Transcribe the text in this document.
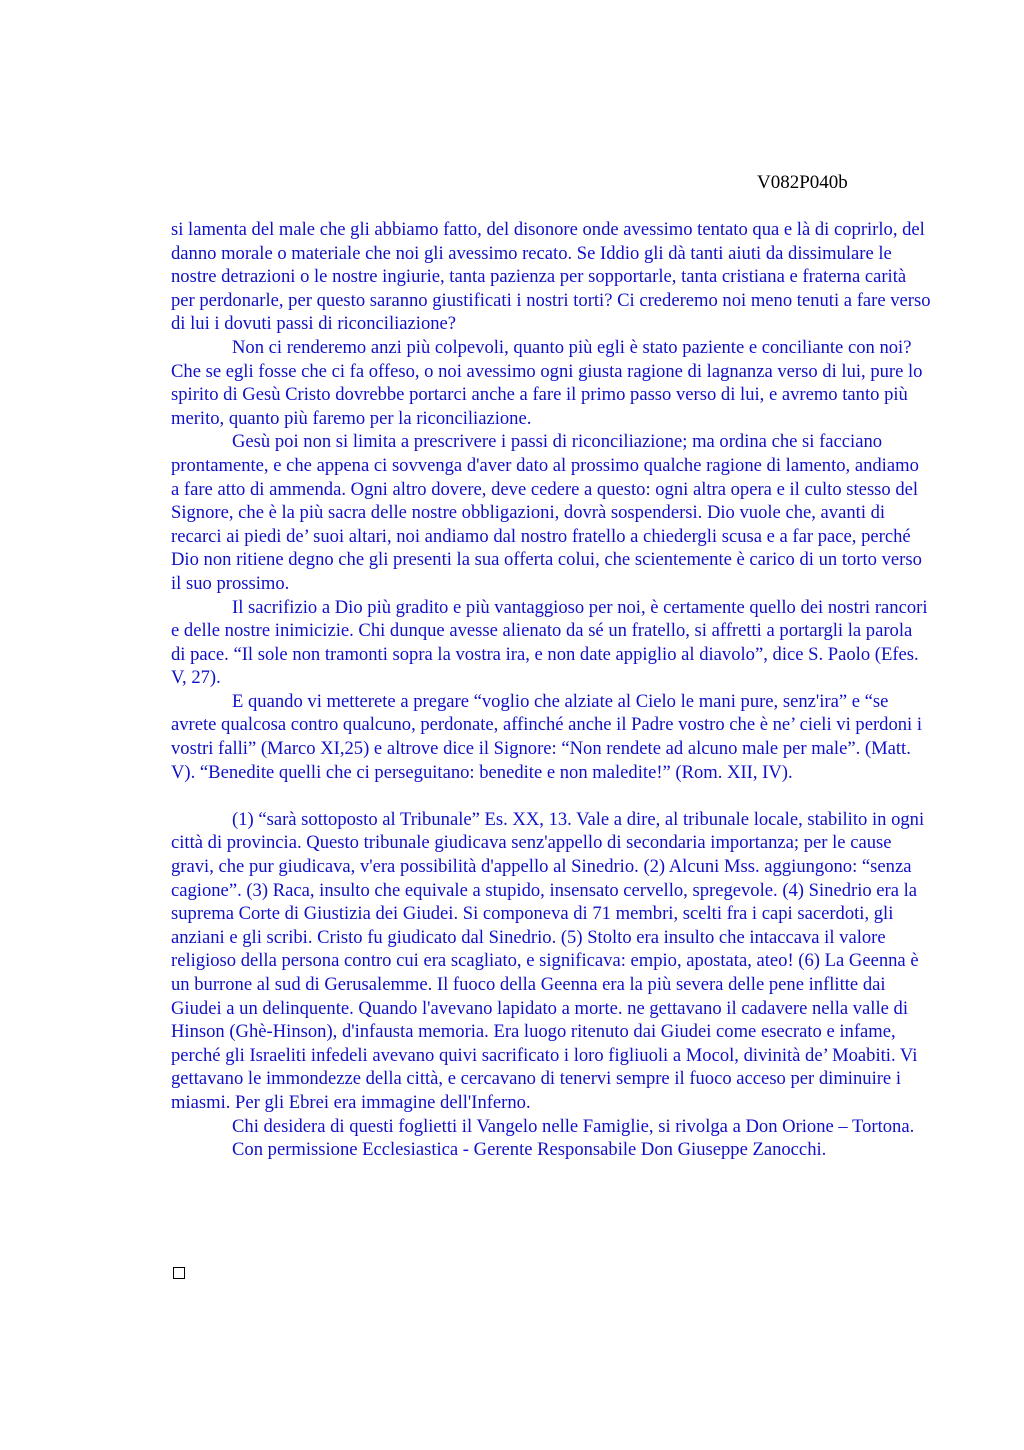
V082P040b

si lamenta del male che gli abbiamo fatto, del disonore onde avessimo tentato qua e là di coprirlo, del danno morale o materiale che noi gli avessimo recato. Se Iddio gli dà tanti aiuti da dissimulare le nostre detrazioni o le nostre ingiurie, tanta pazienza per sopportarle, tanta cristiana e fraterna carità per perdonarle, per questo saranno giustificati i nostri torti? Ci crederemo noi meno tenuti a fare verso di lui i dovuti passi di riconciliazione?

Non ci renderemo anzi più colpevoli, quanto più egli è stato paziente e conciliante con noi? Che se egli fosse che ci fa offeso, o noi avessimo ogni giusta ragione di lagnanza verso di lui, pure lo spirito di Gesù Cristo dovrebbe portarci anche a fare il primo passo verso di lui, e avremo tanto più merito, quanto più faremo per la riconciliazione.

Gesù poi non si limita a prescrivere i passi di riconciliazione; ma ordina che si facciano prontamente, e che appena ci sovvenga d'aver dato al prossimo qualche ragione di lamento, andiamo a fare atto di ammenda. Ogni altro dovere, deve cedere a questo: ogni altra opera e il culto stesso del Signore, che è la più sacra delle nostre obbligazioni, dovrà sospendersi. Dio vuole che, avanti di recarci ai piedi de’ suoi altari, noi andiamo dal nostro fratello a chiedergli scusa e a far pace, perché Dio non ritiene degno che gli presenti la sua offerta colui, che scientemente è carico di un torto verso il suo prossimo.

Il sacrifizio a Dio più gradito e più vantaggioso per noi, è certamente quello dei nostri rancori e delle nostre inimicizie. Chi dunque avesse alienato da sé un fratello, si affretti a portargli la parola di pace. “Il sole non tramonti sopra la vostra ira, e non date appiglio al diavolo”, dice S. Paolo (Efes. V, 27).

E quando vi metterete a pregare “voglio che alziate al Cielo le mani pure, senz'ira” e “se avrete qualcosa contro qualcuno, perdonate, affinché anche il Padre vostro che è ne’ cieli vi perdoni i vostri falli” (Marco XI,25) e altrove dice il Signore: “Non rendete ad alcuno male per male”. (Matt. V). “Benedite quelli che ci perseguitano: benedite e non maledite!” (Rom. XII, IV).

(1) “sarà sottoposto al Tribunale” Es. XX, 13. Vale a dire, al tribunale locale, stabilito in ogni città di provincia. Questo tribunale giudicava senz'appello di secondaria importanza; per le cause gravi, che pur giudicava, v'era possibilità d'appello al Sinedrio. (2) Alcuni Mss. aggiungono: “senza cagione”. (3) Raca, insulto che equivale a stupido, insensato cervello, spregevole. (4) Sinedrio era la suprema Corte di Giustizia dei Giudei. Si componeva di 71 membri, scelti fra i capi sacerdoti, gli anziani e gli scribi. Cristo fu giudicato dal Sinedrio. (5) Stolto era insulto che intaccava il valore religioso della persona contro cui era scagliato, e significava: empio, apostata, ateo! (6) La Geenna è un burrone al sud di Gerusalemme. Il fuoco della Geenna era la più severa delle pene inflitte dai Giudei a un delinquente. Quando l'avevano lapidato a morte. ne gettavano il cadavere nella valle di Hinson (Ghè-Hinson), d'infausta memoria. Era luogo ritenuto dai Giudei come esecrato e infame, perché gli Israeliti infedeli avevano quivi sacrificato i loro figliuoli a Mocol, divinità de’ Moabiti. Vi gettavano le immondezze della città, e cercavano di tenervi sempre il fuoco acceso per diminuire i miasmi. Per gli Ebrei era immagine dell'Inferno.

Chi desidera di questi foglietti il Vangelo nelle Famiglie, si rivolga a Don Orione – Tortona.

Con permissione Ecclesiastica - Gerente Responsabile Don Giuseppe Zanocchi.
